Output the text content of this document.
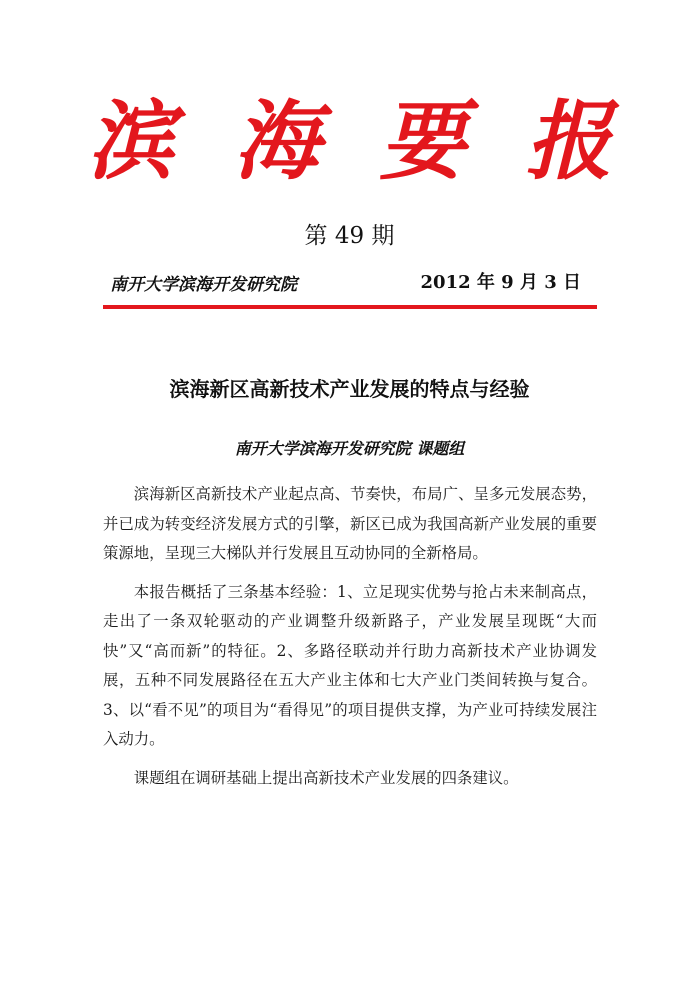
滨 海 要 报
第 49 期
南开大学滨海开发研究院	2012 年 9 月 3 日
滨海新区高新技术产业发展的特点与经验
南开大学滨海开发研究院 课题组

滨海新区高新技术产业起点高、节奏快，布局广、呈多元发展态势，并已成为转变经济发展方式的引擎，新区已成为我国高新产业发展的重要策源地，呈现三大梯队并行发展且互动协同的全新格局。

本报告概括了三条基本经验：1、立足现实优势与抢占未来制高点，走出了一条双轮驱动的产业调整升级新路子，产业发展呈现既“大而快”又“高而新”的特征。2、多路径联动并行助力高新技术产业协调发展，五种不同发展路径在五大产业主体和七大产业门类间转换与复合。3、以“看不见”的项目为“看得见”的项目提供支撑，为产业可持续发展注入动力。

课题组在调研基础上提出高新技术产业发展的四条建议。
